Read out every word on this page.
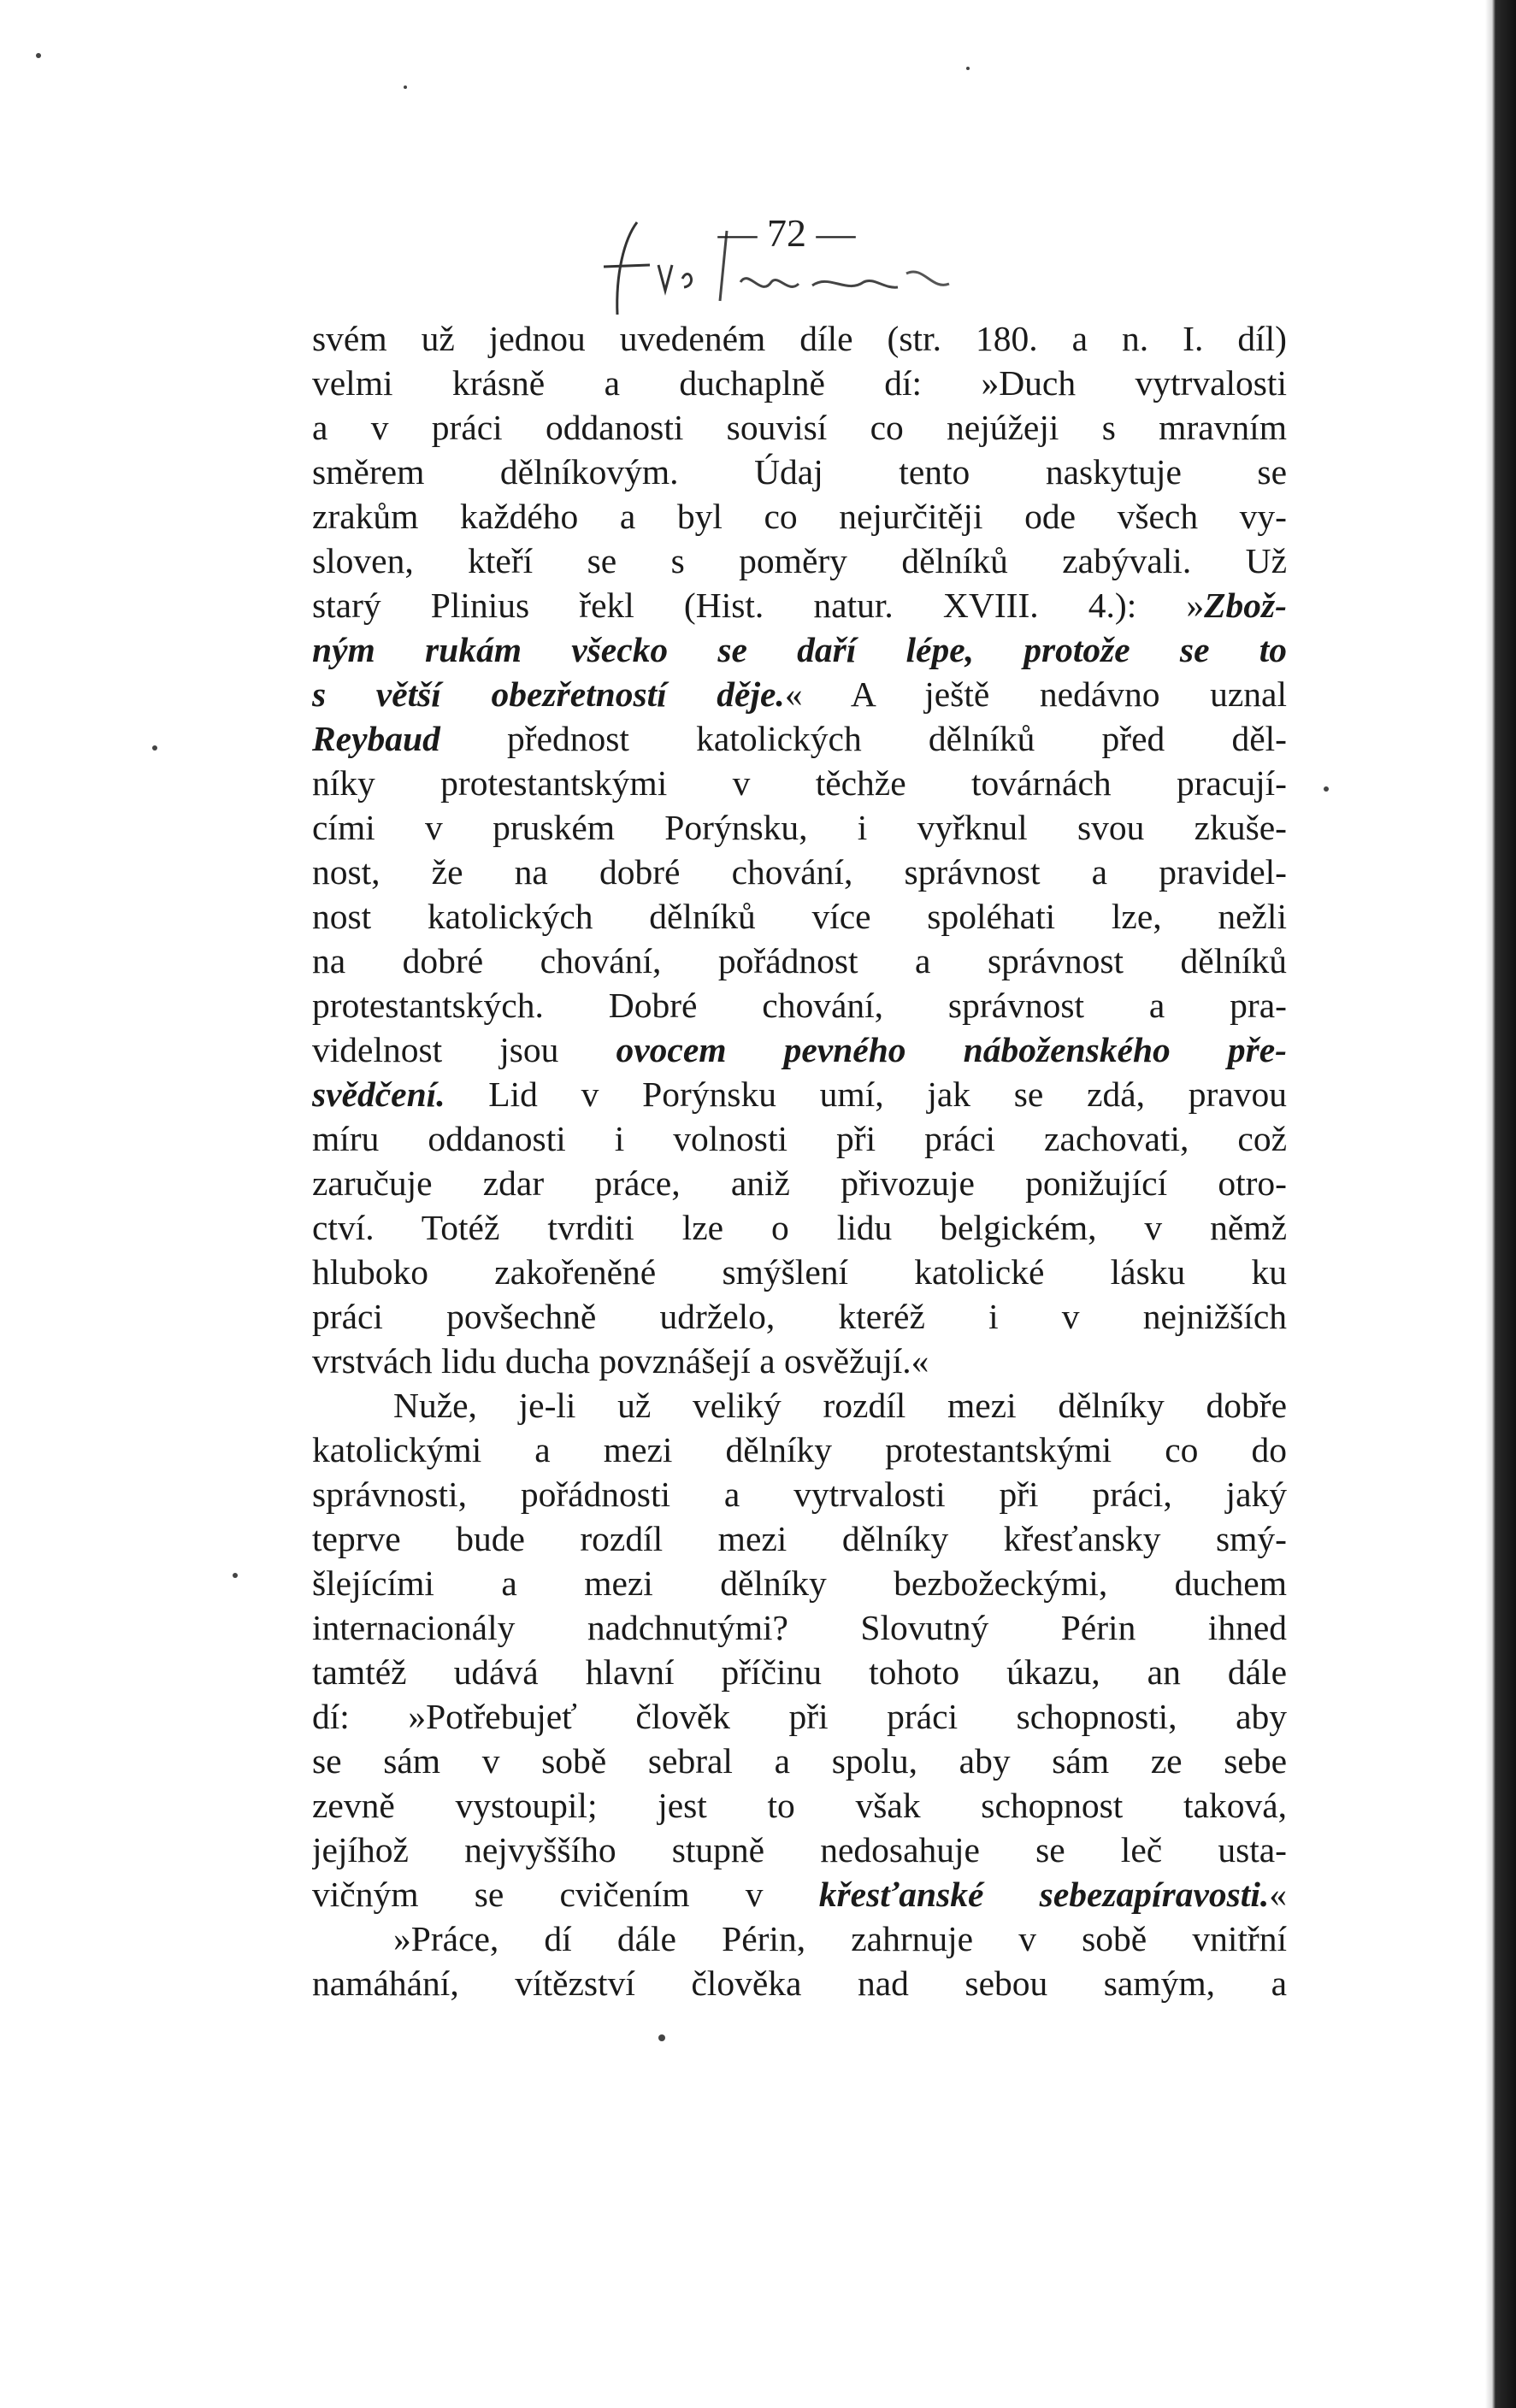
— 72 —
svém už jednou uvedeném díle (str. 180. a n. I. díl)
velmi krásně a duchaplně dí: »Duch vytrvalosti
a v práci oddanosti souvisí co nejúžeji s mravním
směrem dělníkovým. Údaj tento naskytuje se
zrakům každého a byl co nejurčitěji ode všech vy-
sloven, kteří se s poměry dělníků zabývali. Už
starý Plinius řekl (Hist. natur. XVIII. 4.): »Zbož-
ným rukám všecko se daří lépe, protože se to
s větší obezřetností děje.« A ještě nedávno uznal
Reybaud přednost katolických dělníků před děl-
níky protestantskými v těchže továrnách pracují-
cími v pruském Porýnsku, i vyřknul svou zkuše-
nost, že na dobré chování, správnost a pravidel-
nost katolických dělníků více spoléhati lze, nežli
na dobré chování, pořádnost a správnost dělníků
protestantských. Dobré chování, správnost a pra-
videlnost jsou ovocem pevného náboženského pře-
svědčení. Lid v Porýnsku umí, jak se zdá, pravou
míru oddanosti i volnosti při práci zachovati, což
zaručuje zdar práce, aniž přivozuje ponižující otro-
ctví. Totéž tvrditi lze o lidu belgickém, v němž
hluboko zakořeněné smýšlení katolické lásku ku
práci povšechně udrželo, kteréž i v nejnižších
vrstvách lidu ducha povznášejí a osvěžují.«
Nuže, je-li už veliký rozdíl mezi dělníky dobře
katolickými a mezi dělníky protestantskými co do
správnosti, pořádnosti a vytrvalosti při práci, jaký
teprve bude rozdíl mezi dělníky křesťansky smý-
šlejícími a mezi dělníky bezbožeckými, duchem
internacionály nadchnutými? Slovutný Périn ihned
tamtéž udává hlavní příčinu tohoto úkazu, an dále
dí: »Potřebujeť člověk při práci schopnosti, aby
se sám v sobě sebral a spolu, aby sám ze sebe
zevně vystoupil; jest to však schopnost taková,
jejíhož nejvyššího stupně nedosahuje se leč usta-
vičným se cvičením v křesťanské sebezapíravosti.«
»Práce, dí dále Périn, zahrnuje v sobě vnitřní
namáhání, vítězství člověka nad sebou samým, a
